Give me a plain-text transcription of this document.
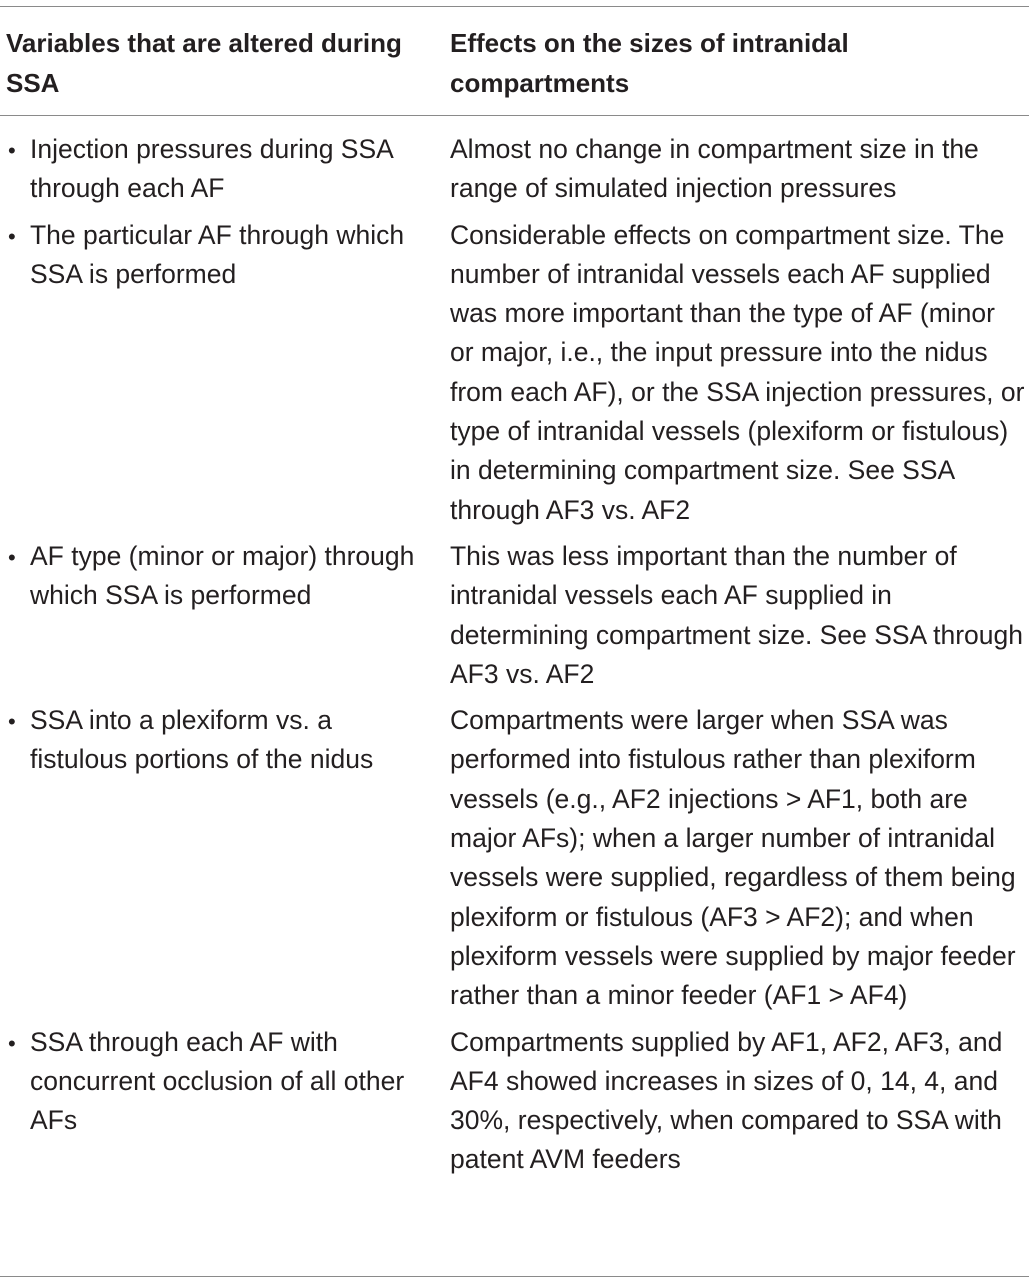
Variables that are altered during SSA
Effects on the sizes of intranidal compartments
• Injection pressures during SSA through each AF
Almost no change in compartment size in the range of simulated injection pressures
• The particular AF through which SSA is performed
Considerable effects on compartment size. The number of intranidal vessels each AF supplied was more important than the type of AF (minor or major, i.e., the input pressure into the nidus from each AF), or the SSA injection pressures, or type of intranidal vessels (plexiform or fistulous) in determining compartment size. See SSA through AF3 vs. AF2
• AF type (minor or major) through which SSA is performed
This was less important than the number of intranidal vessels each AF supplied in determining compartment size. See SSA through AF3 vs. AF2
• SSA into a plexiform vs. a fistulous portions of the nidus
Compartments were larger when SSA was performed into fistulous rather than plexiform vessels (e.g., AF2 injections > AF1, both are major AFs); when a larger number of intranidal vessels were supplied, regardless of them being plexiform or fistulous (AF3 > AF2); and when plexiform vessels were supplied by major feeder rather than a minor feeder (AF1 > AF4)
• SSA through each AF with concurrent occlusion of all other AFs
Compartments supplied by AF1, AF2, AF3, and AF4 showed increases in sizes of 0, 14, 4, and 30%, respectively, when compared to SSA with patent AVM feeders
